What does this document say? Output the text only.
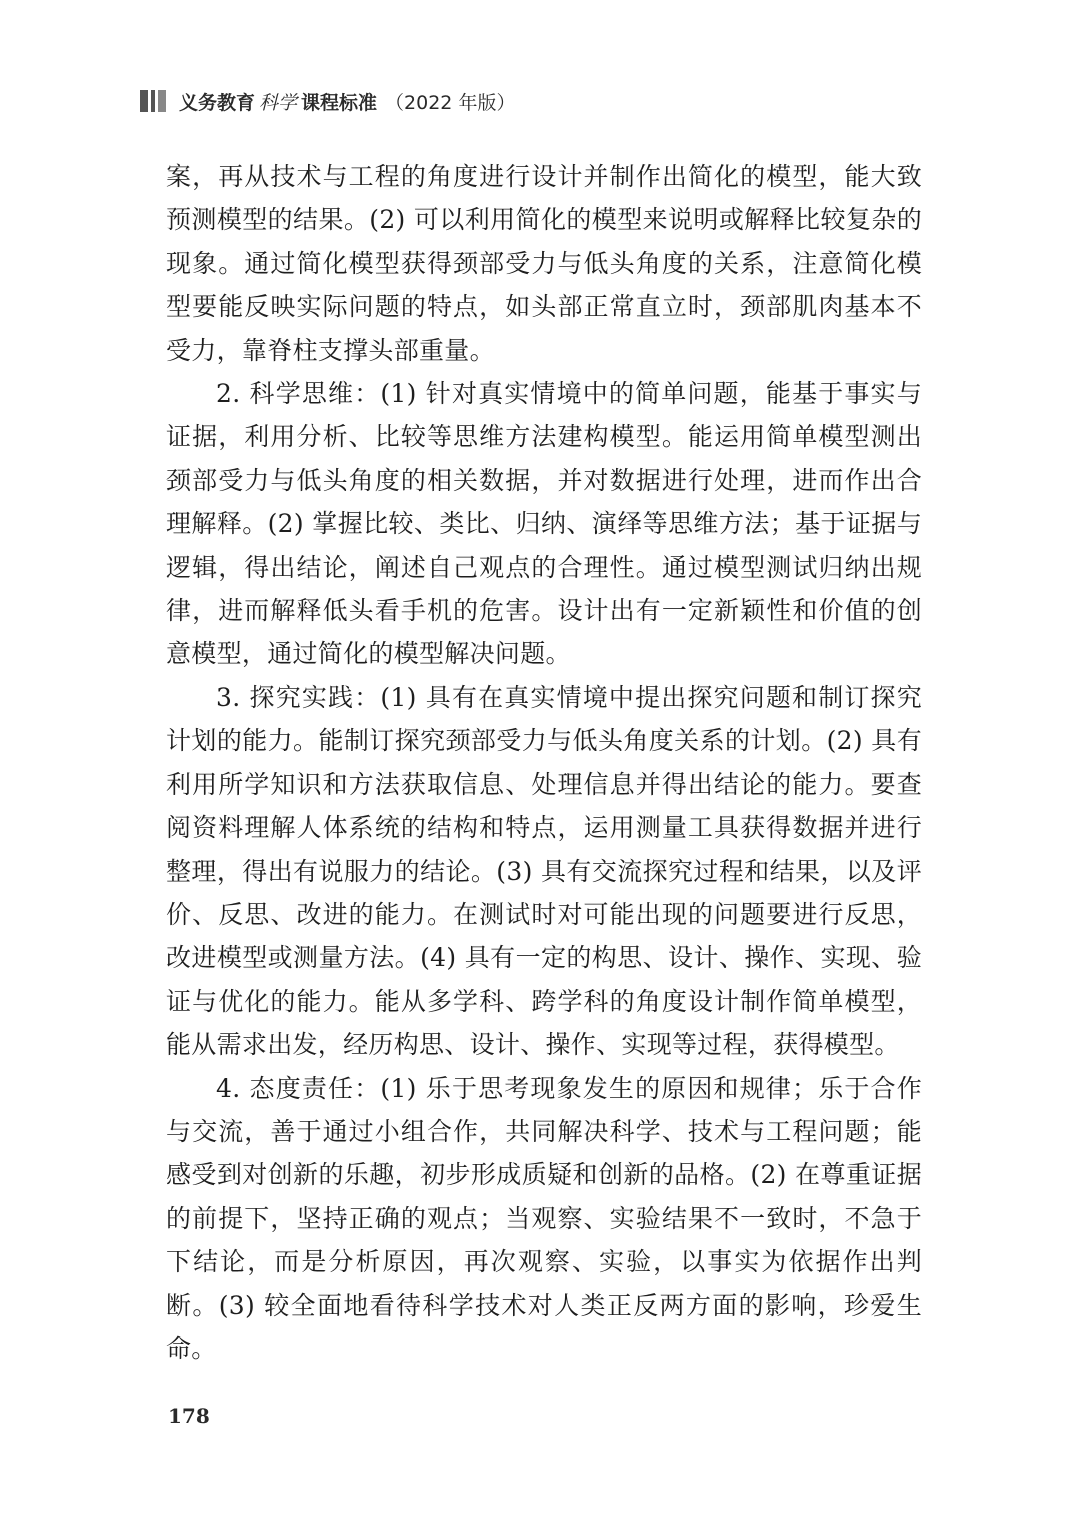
义务教育 科学 课程标准 （2022 年版）

案，再从技术与工程的角度进行设计并制作出简化的模型，能大致预测模型的结果。(2) 可以利用简化的模型来说明或解释比较复杂的现象。通过简化模型获得颈部受力与低头角度的关系，注意简化模型要能反映实际问题的特点，如头部正常直立时，颈部肌肉基本不受力，靠脊柱支撑头部重量。

2. 科学思维：(1) 针对真实情境中的简单问题，能基于事实与证据，利用分析、比较等思维方法建构模型。能运用简单模型测出颈部受力与低头角度的相关数据，并对数据进行处理，进而作出合理解释。(2) 掌握比较、类比、归纳、演绎等思维方法；基于证据与逻辑，得出结论，阐述自己观点的合理性。通过模型测试归纳出规律，进而解释低头看手机的危害。设计出有一定新颖性和价值的创意模型，通过简化的模型解决问题。

3. 探究实践：(1) 具有在真实情境中提出探究问题和制订探究计划的能力。能制订探究颈部受力与低头角度关系的计划。(2) 具有利用所学知识和方法获取信息、处理信息并得出结论的能力。要查阅资料理解人体系统的结构和特点，运用测量工具获得数据并进行整理，得出有说服力的结论。(3) 具有交流探究过程和结果，以及评价、反思、改进的能力。在测试时对可能出现的问题要进行反思，改进模型或测量方法。(4) 具有一定的构思、设计、操作、实现、验证与优化的能力。能从多学科、跨学科的角度设计制作简单模型，能从需求出发，经历构思、设计、操作、实现等过程，获得模型。

4. 态度责任：(1) 乐于思考现象发生的原因和规律；乐于合作与交流，善于通过小组合作，共同解决科学、技术与工程问题；能感受到对创新的乐趣，初步形成质疑和创新的品格。(2) 在尊重证据的前提下，坚持正确的观点；当观察、实验结果不一致时，不急于下结论，而是分析原因，再次观察、实验，以事实为依据作出判断。(3) 较全面地看待科学技术对人类正反两方面的影响，珍爱生命。

178
